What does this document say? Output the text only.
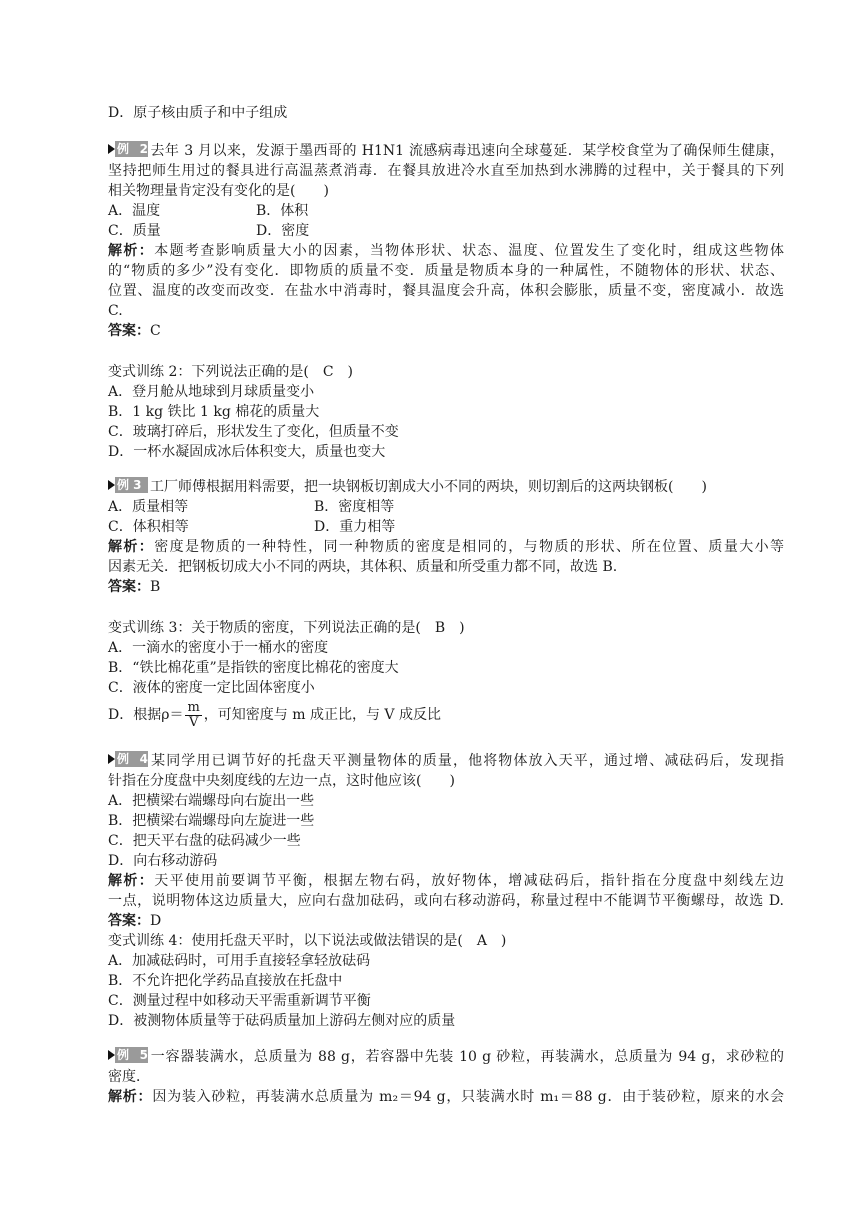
D．原子核由质子和中子组成
例 2 去年 3 月以来，发源于墨西哥的 H1N1 流感病毒迅速向全球蔓延．某学校食堂为了确保师生健康，
坚持把师生用过的餐具进行高温蒸煮消毒．在餐具放进冷水直至加热到水沸腾的过程中，关于餐具的下列
相关物理量肯定没有变化的是(　　)
A．温度	B．体积
C．质量	D．密度
解析：本题考查影响质量大小的因素，当物体形状、状态、温度、位置发生了变化时，组成这些物体
的“物质的多少”没有变化．即物质的质量不变．质量是物质本身的一种属性，不随物体的形状、状态、
位置、温度的改变而改变．在盐水中消毒时，餐具温度会升高，体积会膨胀，质量不变，密度减小．故选
C.
答案：C
变式训练 2：下列说法正确的是(　C　)
A．登月舱从地球到月球质量变小
B．1 kg 铁比 1 kg 棉花的质量大
C．玻璃打碎后，形状发生了变化，但质量不变
D．一杯水凝固成冰后体积变大，质量也变大
例 3 工厂师傅根据用料需要，把一块钢板切割成大小不同的两块，则切割后的这两块钢板(　　)
A．质量相等	B．密度相等
C．体积相等	D．重力相等
解析：密度是物质的一种特性，同一种物质的密度是相同的，与物质的形状、所在位置、质量大小等
因素无关．把钢板切成大小不同的两块，其体积、质量和所受重力都不同，故选 B.
答案：B
变式训练 3：关于物质的密度，下列说法正确的是(　B　)
A．一滴水的密度小于一桶水的密度
B．“铁比棉花重”是指铁的密度比棉花的密度大
C．液体的密度一定比固体密度小
D．根据$\rho= \frac{m}{V}$ ，可知密度与 m 成正比，与 V 成反比
例 4 某同学用已调节好的托盘天平测量物体的质量，他将物体放入天平，通过增、减砝码后，发现指
针指在分度盘中央刻度线的左边一点，这时他应该(　　)
A．把横梁右端螺母向右旋出一些
B．把横梁右端螺母向左旋进一些
C．把天平右盘的砝码减少一些
D．向右移动游码
解析：天平使用前要调节平衡，根据左物右码，放好物体，增减砝码后，指针指在分度盘中刻线左边
一点，说明物体这边质量大，应向右盘加砝码，或向右移动游码，称量过程中不能调节平衡螺母，故选 D.
答案：D
变式训练 4：使用托盘天平时，以下说法或做法错误的是(　A　)
A．加减砝码时，可用手直接轻拿轻放砝码
B．不允许把化学药品直接放在托盘中
C．测量过程中如移动天平需重新调节平衡
D．被测物体质量等于砝码质量加上游码左侧对应的质量
例 5 一容器装满水，总质量为 88 g，若容器中先装 10 g 砂粒，再装满水，总质量为 94 g，求砂粒的
密度．
解析：因为装入砂粒，再装满水总质量为 m₂＝94 g，只装满水时 m₁＝88 g．由于装砂粒，原来的水会
